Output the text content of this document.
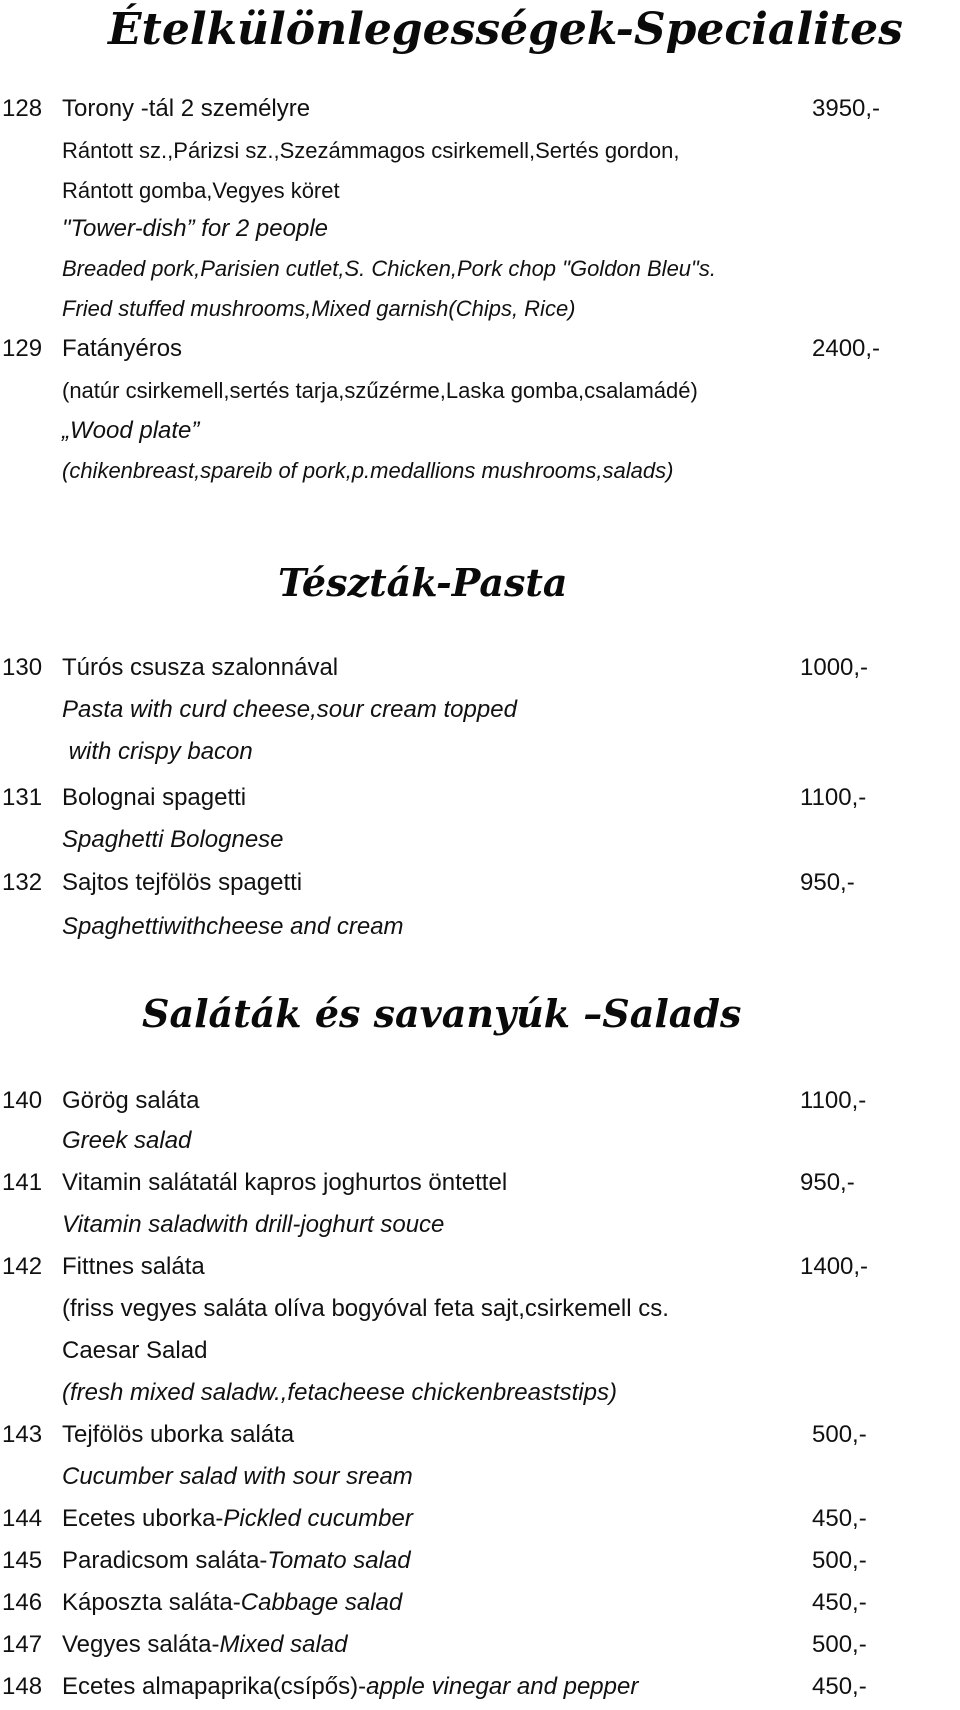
Ételkülönlegességek-Specialites
128 Torony -tál 2 személyre	3950,-
Rántott sz.,Párizsi sz.,Szezámmagos csirkemell,Sertés gordon,
Rántott gomba,Vegyes köret
"Tower-dish” for 2 people
Breaded pork,Parisien cutlet,S. Chicken,Pork chop "Goldon Bleu"s.
Fried stuffed mushrooms,Mixed garnish(Chips, Rice)
129 Fatányéros	2400,-
(natúr csirkemell,sertés tarja,szűzérme,Laska gomba,csalamádé)
„Wood plate”
(chikenbreast,spareib of pork,p.medallions mushrooms,salads)
Tészták-Pasta
130 Túrós csusza szalonnával	1000,-
Pasta with curd cheese,sour cream topped
with crispy bacon
131 Bolognai spagetti	1100,-
Spaghetti Bolognese
132 Sajtos tejfölös spagetti	950,-
Spaghettiwithcheese and cream
Saláták és savanyúk –Salads
140 Görög saláta	1100,-
Greek salad
141 Vitamin salátatál kapros joghurtos öntettel	950,-
Vitamin saladwith drill-joghurt souce
142 Fittnes saláta	1400,-
(friss vegyes saláta olíva bogyóval feta sajt,csirkemell cs.
Caesar Salad
(fresh mixed saladw.,fetacheese chickenbreaststips)
143 Tejfölös uborka saláta	500,-
Cucumber salad with sour sream
144 Ecetes uborka-Pickled cucumber	450,-
145 Paradicsom saláta-Tomato salad	500,-
146 Káposzta saláta-Cabbage salad	450,-
147 Vegyes saláta-Mixed salad	500,-
148 Ecetes almapaprika(csípős)-apple vinegar and pepper	450,-
